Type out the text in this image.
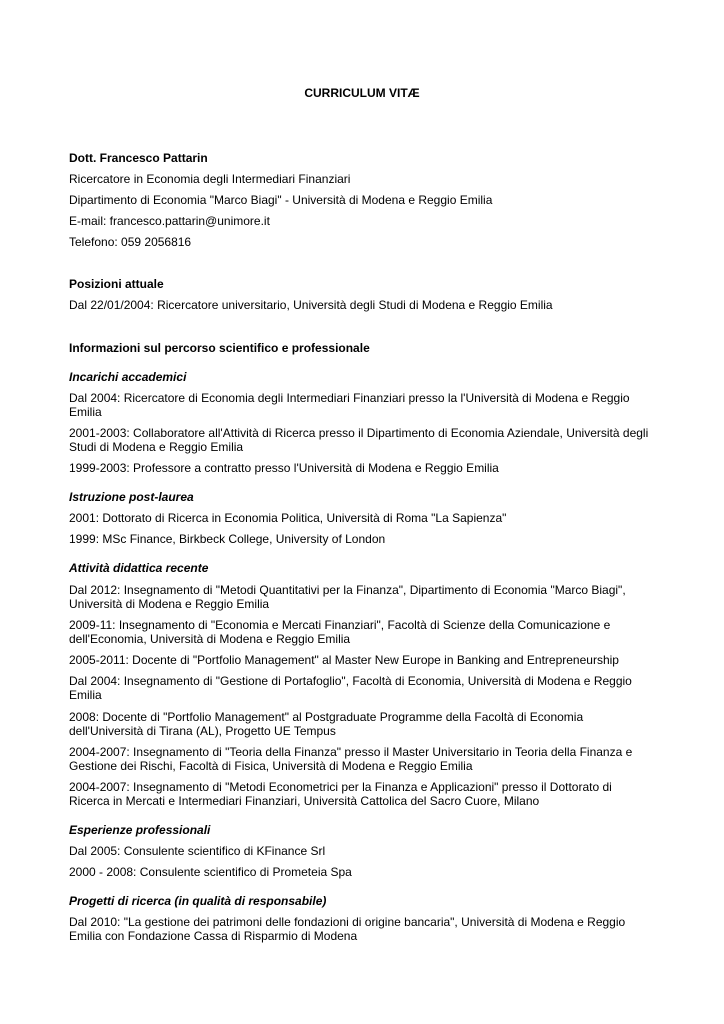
CURRICULUM VITÆ

Dott. Francesco Pattarin

Ricercatore in Economia degli Intermediari Finanziari

Dipartimento di Economia "Marco Biagi" - Università di Modena e Reggio Emilia

E-mail: francesco.pattarin@unimore.it

Telefono: 059 2056816

Posizioni attuale

Dal 22/01/2004: Ricercatore universitario, Università degli Studi di Modena e Reggio Emilia

Informazioni sul percorso scientifico e professionale

Incarichi accademici

Dal 2004: Ricercatore di Economia degli Intermediari Finanziari presso la l'Università di Modena e Reggio Emilia

2001-2003: Collaboratore all'Attività di Ricerca presso il Dipartimento di Economia Aziendale, Università degli Studi di Modena e Reggio Emilia

1999-2003: Professore a contratto presso l'Università di Modena e Reggio Emilia

Istruzione post-laurea

2001: Dottorato di Ricerca in Economia Politica, Università di Roma "La Sapienza"

1999: MSc Finance, Birkbeck College, University of London

Attività didattica recente

Dal 2012: Insegnamento di "Metodi Quantitativi per la Finanza", Dipartimento di Economia "Marco Biagi", Università di Modena e Reggio Emilia

2009-11: Insegnamento di "Economia e Mercati Finanziari", Facoltà di Scienze della Comunicazione e dell'Economia, Università di Modena e Reggio Emilia

2005-2011: Docente di "Portfolio Management" al Master New Europe in Banking and Entrepreneurship

Dal 2004: Insegnamento di "Gestione di Portafoglio", Facoltà di Economia, Università di Modena e Reggio Emilia

2008: Docente di "Portfolio Management" al Postgraduate Programme della Facoltà di Economia dell'Università di Tirana (AL), Progetto UE Tempus

2004-2007: Insegnamento di "Teoria della Finanza" presso il Master Universitario in Teoria della Finanza e Gestione dei Rischi, Facoltà di Fisica, Università di Modena e Reggio Emilia

2004-2007: Insegnamento di "Metodi Econometrici per la Finanza e Applicazioni" presso il Dottorato di Ricerca in Mercati e Intermediari Finanziari, Università Cattolica del Sacro Cuore, Milano

Esperienze professionali

Dal 2005: Consulente scientifico di KFinance Srl

2000 - 2008: Consulente scientifico di Prometeia Spa

Progetti di ricerca (in qualità di responsabile)

Dal 2010: "La gestione dei patrimoni delle fondazioni di origine bancaria", Università di Modena e Reggio Emilia con Fondazione Cassa di Risparmio di Modena
